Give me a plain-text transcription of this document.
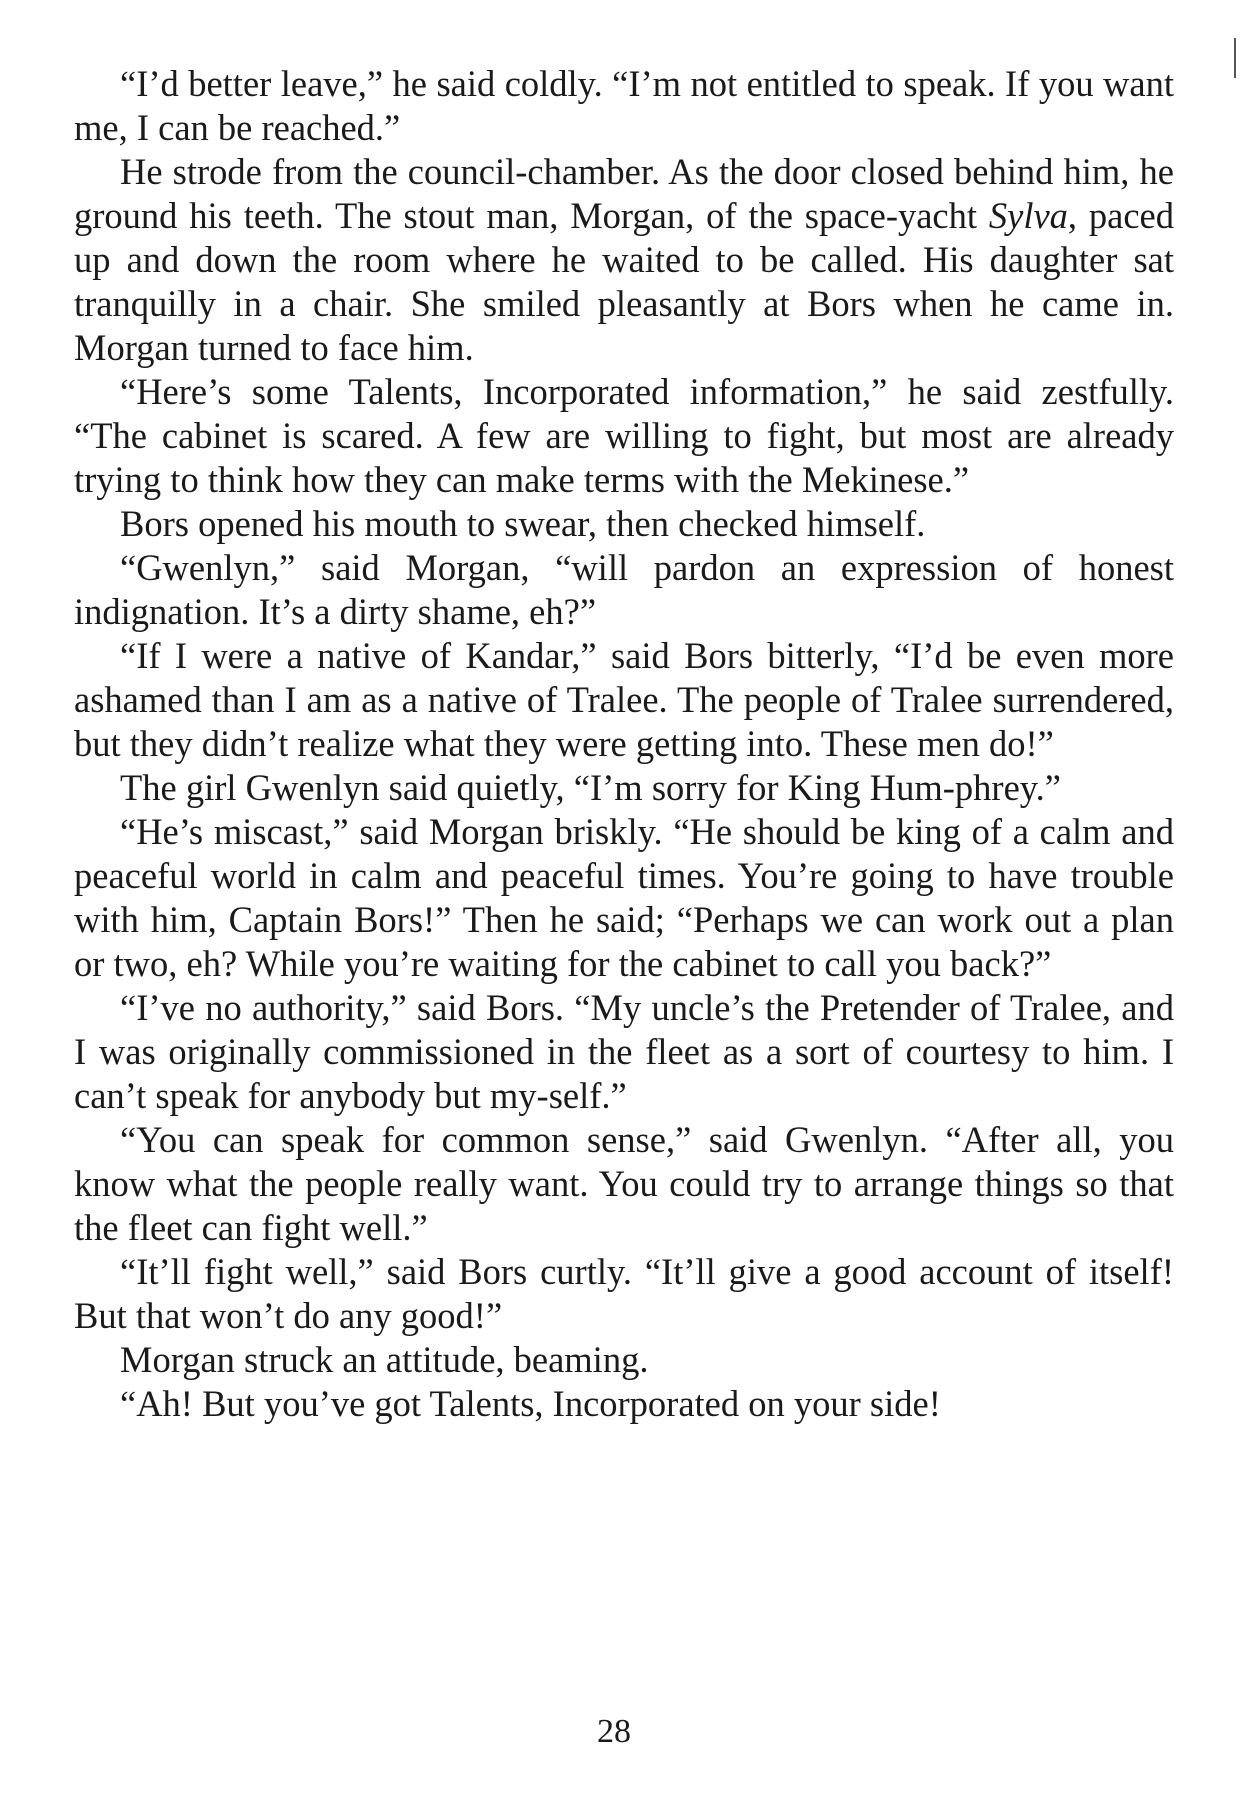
“I’d better leave,” he said coldly. “I’m not entitled to speak. If you want me, I can be reached.”

He strode from the council-chamber. As the door closed behind him, he ground his teeth. The stout man, Morgan, of the space-yacht Sylva, paced up and down the room where he waited to be called. His daughter sat tranquilly in a chair. She smiled pleasantly at Bors when he came in. Morgan turned to face him.

“Here’s some Talents, Incorporated information,” he said zestfully. “The cabinet is scared. A few are willing to fight, but most are already trying to think how they can make terms with the Mekinese.”

Bors opened his mouth to swear, then checked himself.

“Gwenlyn,” said Morgan, “will pardon an expression of honest indignation. It’s a dirty shame, eh?”

“If I were a native of Kandar,” said Bors bitterly, “I’d be even more ashamed than I am as a native of Tralee. The people of Tralee surrendered, but they didn’t realize what they were getting into. These men do!”

The girl Gwenlyn said quietly, “I’m sorry for King Hum-phrey.”

“He’s miscast,” said Morgan briskly. “He should be king of a calm and peaceful world in calm and peaceful times. You’re going to have trouble with him, Captain Bors!” Then he said; “Perhaps we can work out a plan or two, eh? While you’re waiting for the cabinet to call you back?”

“I’ve no authority,” said Bors. “My uncle’s the Pretender of Tralee, and I was originally commissioned in the fleet as a sort of courtesy to him. I can’t speak for anybody but my-self.”

“You can speak for common sense,” said Gwenlyn. “After all, you know what the people really want. You could try to arrange things so that the fleet can fight well.”

“It’ll fight well,” said Bors curtly. “It’ll give a good account of itself! But that won’t do any good!”

Morgan struck an attitude, beaming.

“Ah! But you’ve got Talents, Incorporated on your side!

28
